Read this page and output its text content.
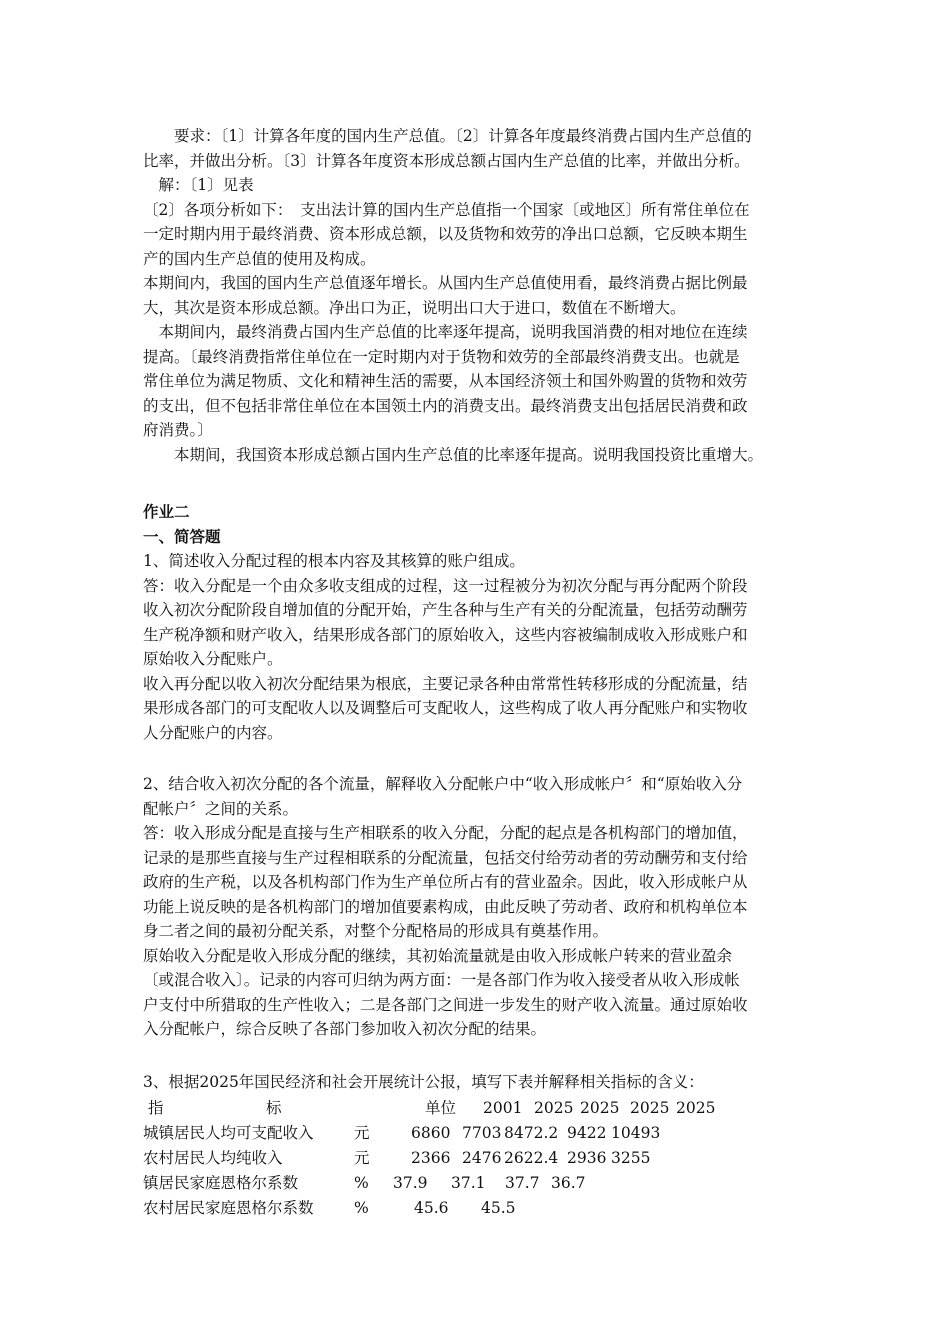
　　要求：〔1〕计算各年度的国内生产总值。〔2〕计算各年度最终消费占国内生产总值的
比率，并做出分析。〔3〕计算各年度资本形成总额占国内生产总值的比率，并做出分析。
　解：〔1〕见表
〔2〕各项分析如下：　支出法计算的国内生产总值指一个国家〔或地区〕所有常住单位在
一定时期内用于最终消费、资本形成总额，以及货物和效劳的净出口总额，它反映本期生
产的国内生产总值的使用及构成。
本期间内，我国的国内生产总值逐年增长。从国内生产总值使用看，最终消费占据比例最
大，其次是资本形成总额。净出口为正，说明出口大于进口，数值在不断增大。
　本期间内，最终消费占国内生产总值的比率逐年提高，说明我国消费的相对地位在连续
提高。〔最终消费指常住单位在一定时期内对于货物和效劳的全部最终消费支出。也就是
常住单位为满足物质、文化和精神生活的需要，从本国经济领土和国外购置的货物和效劳
的支出，但不包括非常住单位在本国领土内的消费支出。最终消费支出包括居民消费和政
府消费。〕
　　本期间，我国资本形成总额占国内生产总值的比率逐年提高。说明我国投资比重增大。
作业二
一、简答题
1、简述收入分配过程的根本内容及其核算的账户组成。
答：收入分配是一个由众多收支组成的过程，这一过程被分为初次分配与再分配两个阶段
收入初次分配阶段自增加值的分配开始，产生各种与生产有关的分配流量，包括劳动酬劳
生产税净额和财产收入，结果形成各部门的原始收入，这些内容被编制成收入形成账户和
原始收入分配账户。
收入再分配以收入初次分配结果为根底，主要记录各种由常常性转移形成的分配流量，结
果形成各部门的可支配收人以及调整后可支配收人，这些构成了收人再分配账户和实物收
人分配账户的内容。
2、结合收入初次分配的各个流量，解释收入分配帐户中“收入形成帐户〞和“原始收入分
配帐户〞之间的关系。
答：收入形成分配是直接与生产相联系的收入分配，分配的起点是各机构部门的增加值，
记录的是那些直接与生产过程相联系的分配流量，包括交付给劳动者的劳动酬劳和支付给
政府的生产税，以及各机构部门作为生产单位所占有的营业盈余。因此，收入形成帐户从
功能上说反映的是各机构部门的增加值要素构成，由此反映了劳动者、政府和机构单位本
身二者之间的最初分配关系，对整个分配格局的形成具有奠基作用。
原始收入分配是收入形成分配的继续，其初始流量就是由收入形成帐户转来的营业盈余
〔或混合收入〕。记录的内容可归纳为两方面：一是各部门作为收入接受者从收入形成帐
户支付中所猎取的生产性收入；二是各部门之间进一步发生的财产收入流量。通过原始收
入分配帐户，综合反映了各部门参加收入初次分配的结果。
3、根据2025年国民经济和社会开展统计公报，填写下表并解释相关指标的含义：
指	标	单位 2001 2025 2025 2025 2025
城镇居民人均可支配收入	元	6860 7703 8472.2 9422 10493
农村居民人均纯收入	元	2366 2476 2622.4 2936 3255
镇居民家庭恩格尔系数	% 37.9 37.1 37.7 36.7
农村居民家庭恩格尔系数	%	45.6 45.5
